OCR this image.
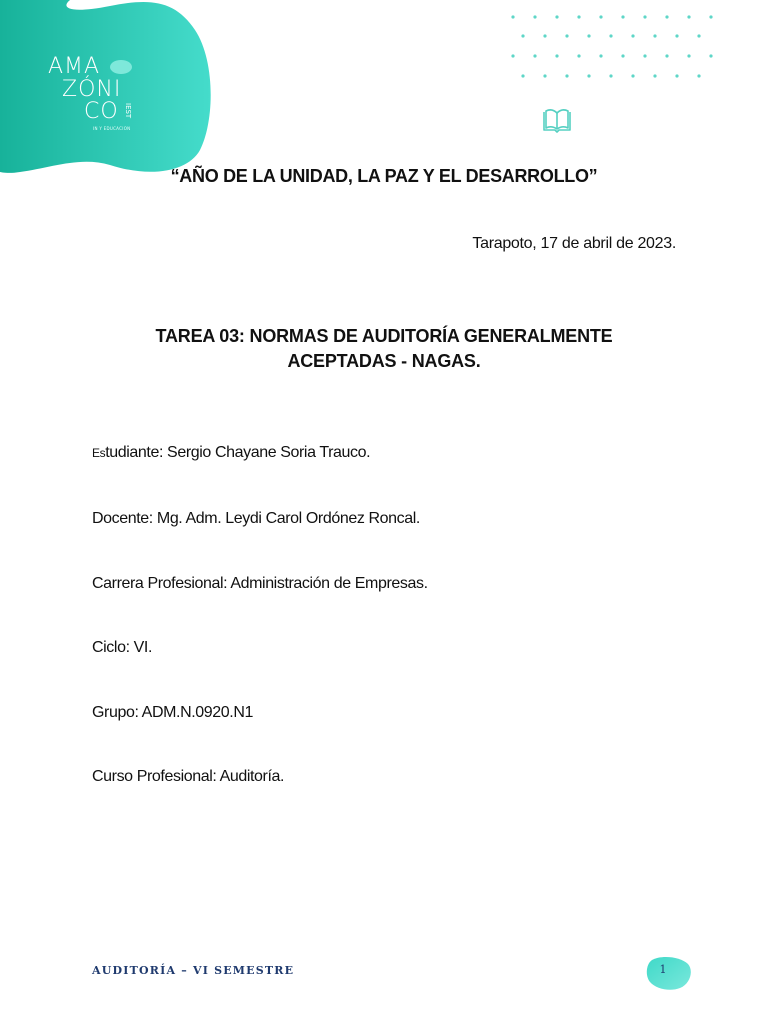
AMA
ZÓNI
CO IEST
IN Y EDUCACION
“AÑO DE LA UNIDAD, LA PAZ Y EL DESARROLLO”
Tarapoto, 17 de abril de 2023.
TAREA 03: NORMAS DE AUDITORÍA GENERALMENTE
ACEPTADAS - NAGAS.
Estudiante: Sergio Chayane Soria Trauco.
Docente: Mg. Adm. Leydi Carol Ordónez Roncal.
Carrera Profesional: Administración de Empresas.
Ciclo: VI.
Grupo: ADM.N.0920.N1
Curso Profesional: Auditoría.
AUDITORÍA – VI SEMESTRE	1
